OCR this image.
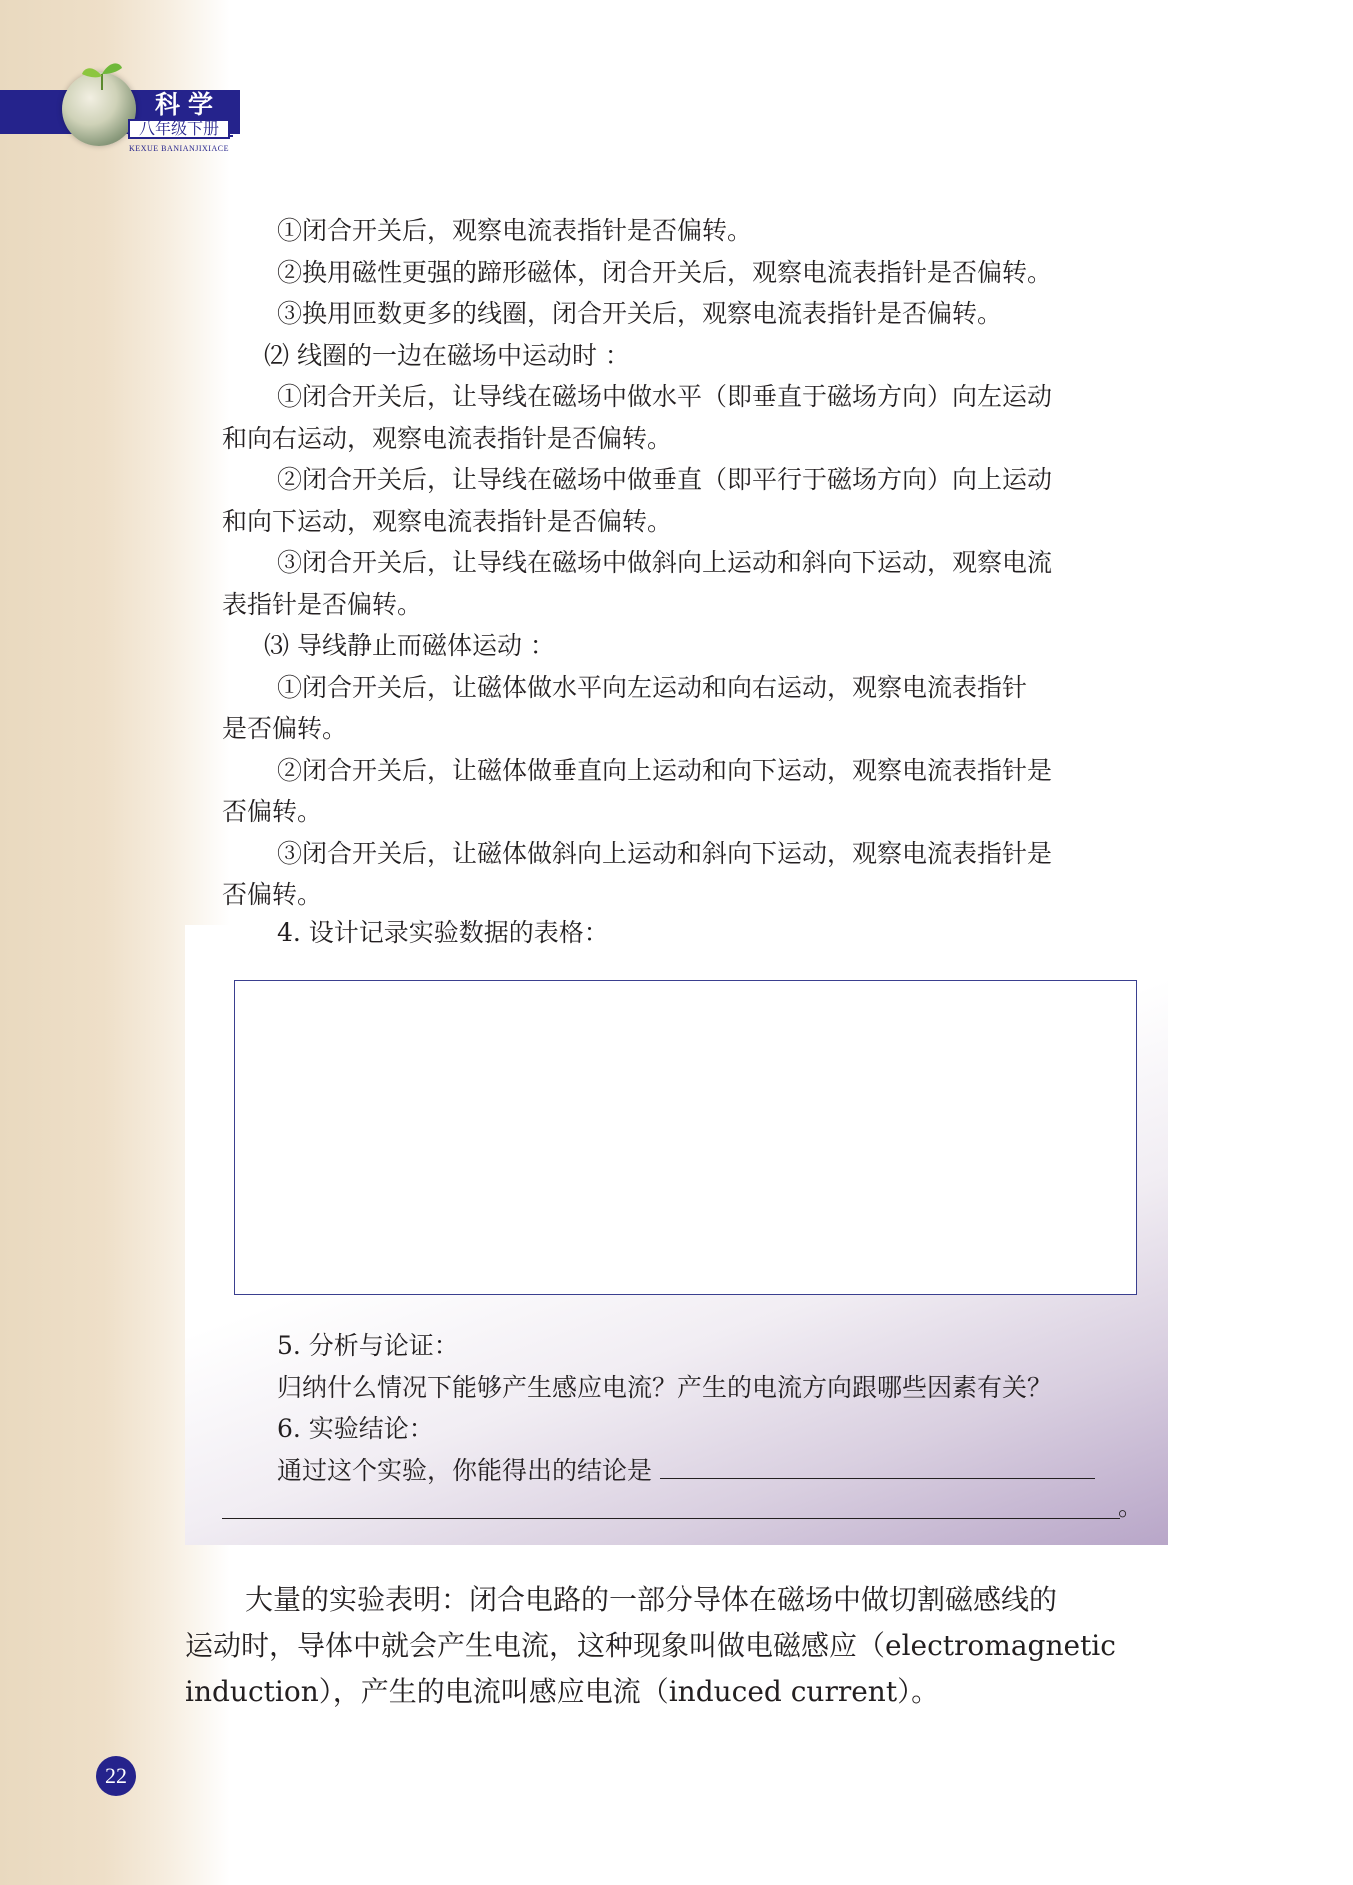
科学
八年级下册
KEXUE BANIANJIXIACE
①闭合开关后，观察电流表指针是否偏转。
②换用磁性更强的蹄形磁体，闭合开关后，观察电流表指针是否偏转。
③换用匝数更多的线圈，闭合开关后，观察电流表指针是否偏转。
⑵ 线圈的一边在磁场中运动时 ：
①闭合开关后，让导线在磁场中做水平（即垂直于磁场方向）向左运动
和向右运动，观察电流表指针是否偏转。
②闭合开关后，让导线在磁场中做垂直（即平行于磁场方向）向上运动
和向下运动，观察电流表指针是否偏转。
③闭合开关后，让导线在磁场中做斜向上运动和斜向下运动，观察电流
表指针是否偏转。
⑶ 导线静止而磁体运动 ：
①闭合开关后，让磁体做水平向左运动和向右运动，观察电流表指针
是否偏转。
②闭合开关后，让磁体做垂直向上运动和向下运动，观察电流表指针是
否偏转。
③闭合开关后，让磁体做斜向上运动和斜向下运动，观察电流表指针是
否偏转。
4. 设计记录实验数据的表格：
5. 分析与论证：
归纳什么情况下能够产生感应电流？产生的电流方向跟哪些因素有关？
6. 实验结论：
通过这个实验，你能得出的结论是
。
大量的实验表明：闭合电路的一部分导体在磁场中做切割磁感线的
运动时，导体中就会产生电流，这种现象叫做电磁感应（electromagnetic
induction），产生的电流叫感应电流（induced current）。
22
